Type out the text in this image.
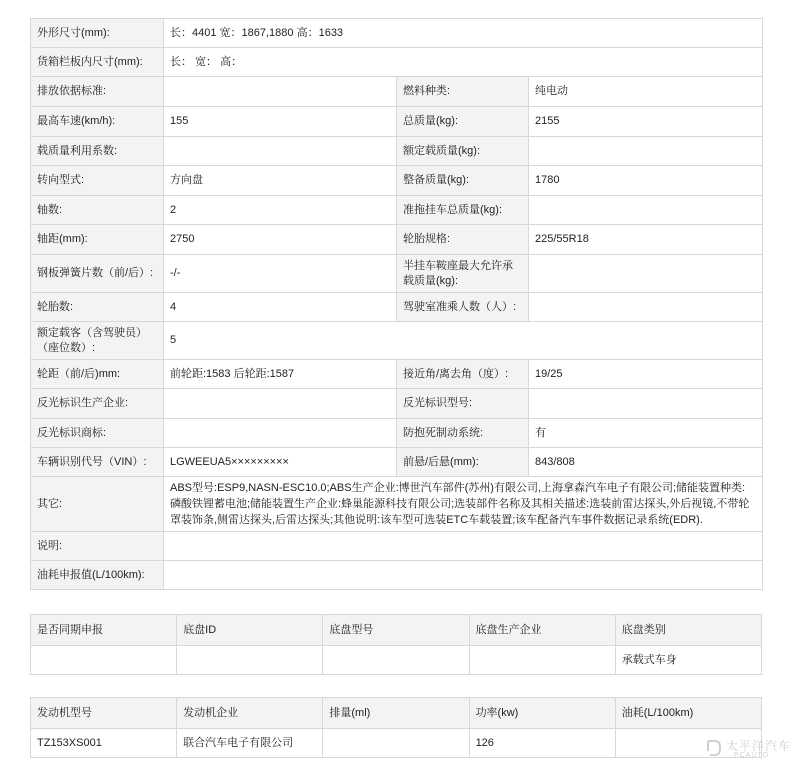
外形尺寸(mm):	长：4401 宽：1867,1880 高：1633		
货箱栏板内尺寸(mm):	长： 宽： 高：		
排放依据标准:		燃料种类:	纯电动
最高车速(km/h):	155	总质量(kg):	2155
载质量利用系数:		额定载质量(kg):	
转向型式:	方向盘	整备质量(kg):	1780
轴数:	2	准拖挂车总质量(kg):	
轴距(mm):	2750	轮胎规格:	225/55R18
钢板弹簧片数（前/后）:	-/-	半挂车鞍座最大允许承载质量(kg):	
轮胎数:	4	驾驶室准乘人数（人）:	
额定载客（含驾驶员）（座位数）:	5		
轮距（前/后)mm:	前轮距:1583 后轮距:1587	接近角/离去角（度）:	19/25
反光标识生产企业:		反光标识型号:	
反光标识商标:		防抱死制动系统:	有
车辆识别代号（VIN）:	LGWEEUA5×××××××××	前悬/后悬(mm):	843/808
其它:	ABS型号:ESP9,NASN-ESC10.0;ABS生产企业:博世汽车部件(苏州)有限公司,上海拿森汽车电子有限公司;储能装置种类:磷酸铁锂蓄电池;储能装置生产企业:蜂巢能源科技有限公司;选装部件名称及其相关描述:选装前雷达探头,外后视镜,不带轮罩装饰条,侧雷达探头,后雷达探头;其他说明:该车型可选装ETC车载装置;该车配备汽车事件数据记录系统(EDR).		
说明:			
油耗申报值(L/100km):			
是否同期申报	底盘ID	底盘型号	底盘生产企业	底盘类别
				承载式车身
发动机型号	发动机企业	排量(ml)	功率(kw)	油耗(L/100km)
TZ153XS001	联合汽车电子有限公司		126		太平洋汽车
PCAUTO
